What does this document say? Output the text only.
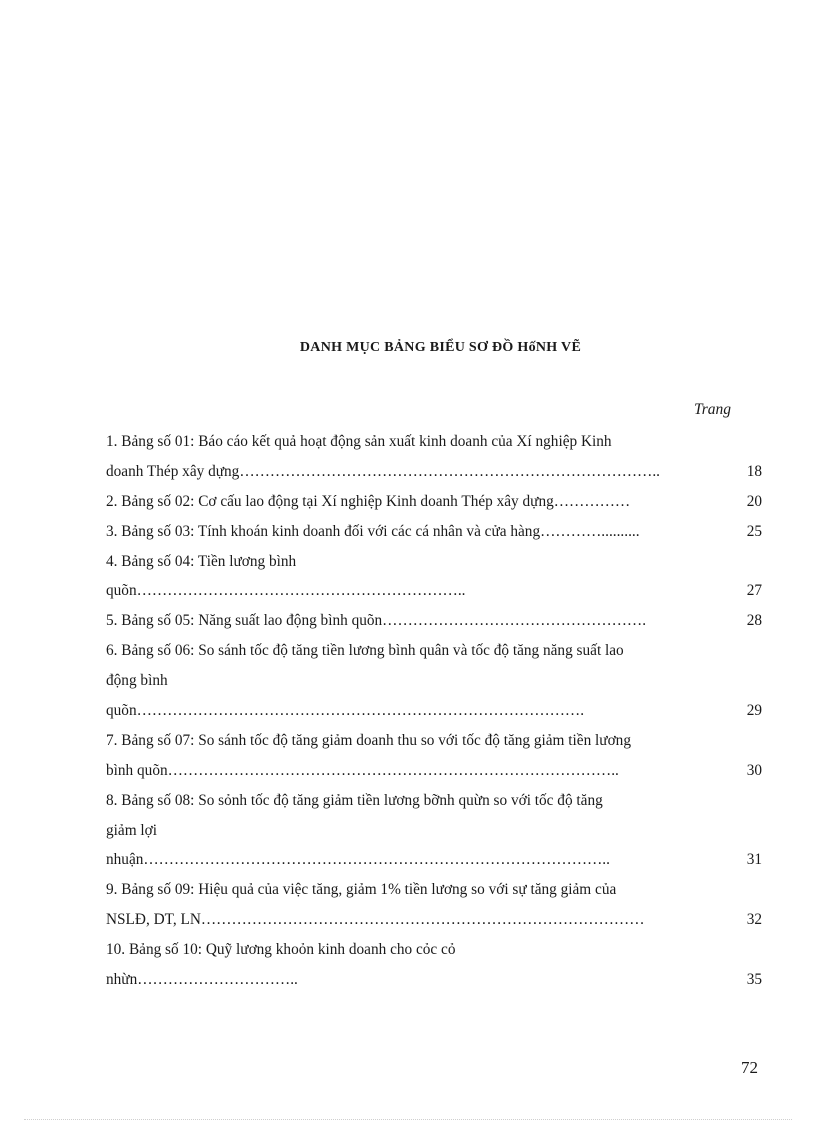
DANH MỤC BẢNG BIỂU SƠ ĐỒ HốNH VẼ
Trang
1. Bảng số 01: Báo cáo kết quả hoạt động sản xuất kinh doanh của Xí nghiệp Kinh
doanh Thép xây dựng………………………………………………………………………..	18
2. Bảng số 02: Cơ cấu lao động tại Xí nghiệp Kinh doanh Thép xây dựng……………	20
3. Bảng số 03: Tính khoán kinh doanh đối với các cá nhân và cửa hàng…………..........	25
4. Bảng số 04: Tiền lương bình
quõn………………………………………………………..	27
5. Bảng số 05: Năng suất lao động bình quõn…………………………………………….	28
6. Bảng số 06: So sánh tốc độ tăng tiền lương bình quân và tốc độ tăng năng suất lao
động bình
quõn…………………………………………………………………………….	29
7. Bảng số 07: So sánh tốc độ tăng giảm doanh thu so với tốc độ tăng giảm tiền lương
bình quõn……………………………………………………………………………..	30
8. Bảng số 08: So sỏnh tốc độ tăng giảm tiền lương bỡnh quừn so với tốc độ tăng
giảm lợi
nhuận………………………………………………………………………………..	31
9. Bảng số 09: Hiệu quả của việc tăng, giảm 1% tiền lương so với sự tăng giảm của
NSLĐ, DT, LN……………………………………………………………………………	32
10. Bảng số 10: Quỹ lương khoỏn kinh doanh cho cỏc cỏ
nhừn…………………………..	35
72
